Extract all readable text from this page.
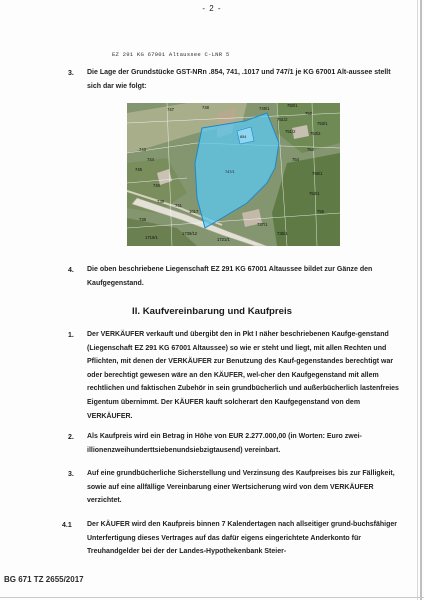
- 2 -
EZ 291 KG 67001 Altaussee C-LNR 5
3. Die Lage der Grundstücke GST-NRn .854, 741, .1017 und 747/1 je KG 67001 Alt-aussee stellt sich dar wie folgt:
747	748	749/1
750/1
752
753/1
751/2
753/2
854
747/1
743
744
745
740
739
751/2
753
754
756/1
753/1
755
741
1017
738
737/1
736/1
1721/1
1739/12
1719/1
4. Die oben beschriebene Liegenschaft EZ 291 KG 67001 Altaussee bildet zur Gänze den Kaufgegenstand.
II. Kaufvereinbarung und Kaufpreis
1. Der VERKÄUFER verkauft und übergibt den in Pkt I näher beschriebenen Kaufge-genstand (Liegenschaft EZ 291 KG 67001 Altaussee) so wie er steht und liegt, mit allen Rechten und Pflichten, mit denen der VERKÄUFER zur Benutzung des Kauf-gegenstandes berechtigt war oder berechtigt gewesen wäre an den KÄUFER, wel-cher den Kaufgegenstand mit allem rechtlichen und faktischen Zubehör in sein grundbücherlich und außerbücherlich lastenfreies Eigentum übernimmt. Der KÄUFER kauft solcherart den Kaufgegenstand von dem VERKÄUFER.
2. Als Kaufpreis wird ein Betrag in Höhe von EUR 2.277.000,00 (in Worten: Euro zwei-illionenzweihunderttsiebenundsiebzigtausend) vereinbart.
3. Auf eine grundbücherliche Sicherstellung und Verzinsung des Kaufpreises bis zur Fälligkeit, sowie auf eine allfällige Vereinbarung einer Wertsicherung wird von dem VERKÄUFER verzichtet.
4.1 Der KÄUFER wird den Kaufpreis binnen 7 Kalendertagen nach allseitiger grund-buchsfähiger Unterfertigung dieses Vertrages auf das dafür eigens eingerichtete Anderkonto für Treuhandgelder bei der der Landes-Hypothekenbank Steier-
BG 671 TZ 2655/2017
